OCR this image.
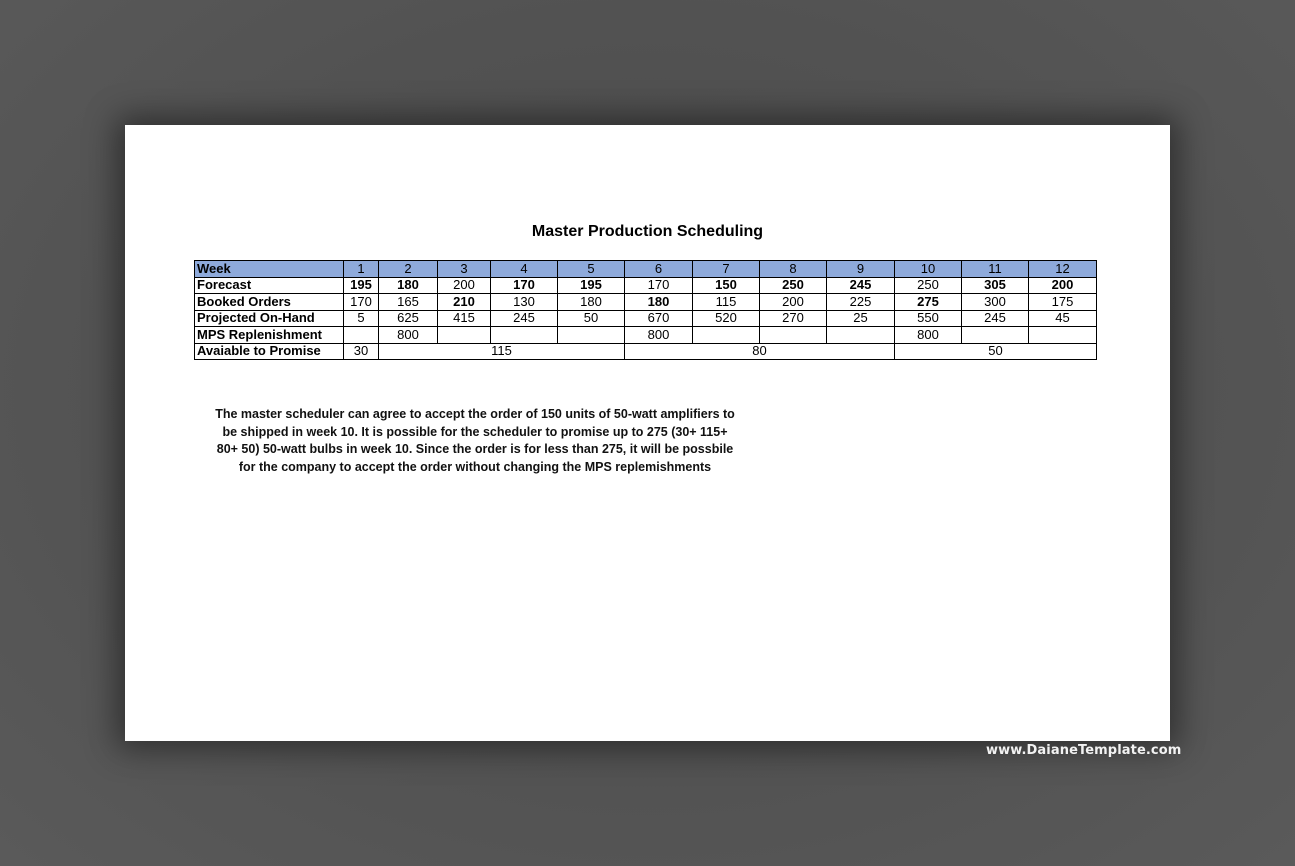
Master Production Scheduling
Week	1	2	3	4	5	6	7	8	9	10	11	12
Forecast	195	180	200	170	195	170	150	250	245	250	305	200
Booked Orders	170	165	210	130	180	180	115	200	225	275	300	175
Projected On-Hand	5	625	415	245	50	670	520	270	25	550	245	45
MPS Replenishment		800				800				800		
Avaiable to Promise	30	115				80				50		
The master scheduler can agree to accept the order of 150 units of 50-watt amplifiers to
be shipped in week 10. It is possible for the scheduler to promise up to 275 (30+ 115+
80+ 50) 50-watt bulbs in week 10. Since the order is for less than 275, it will be possbile
for the company to accept the order without changing the MPS replemishments
www.DaianeTemplate.com
